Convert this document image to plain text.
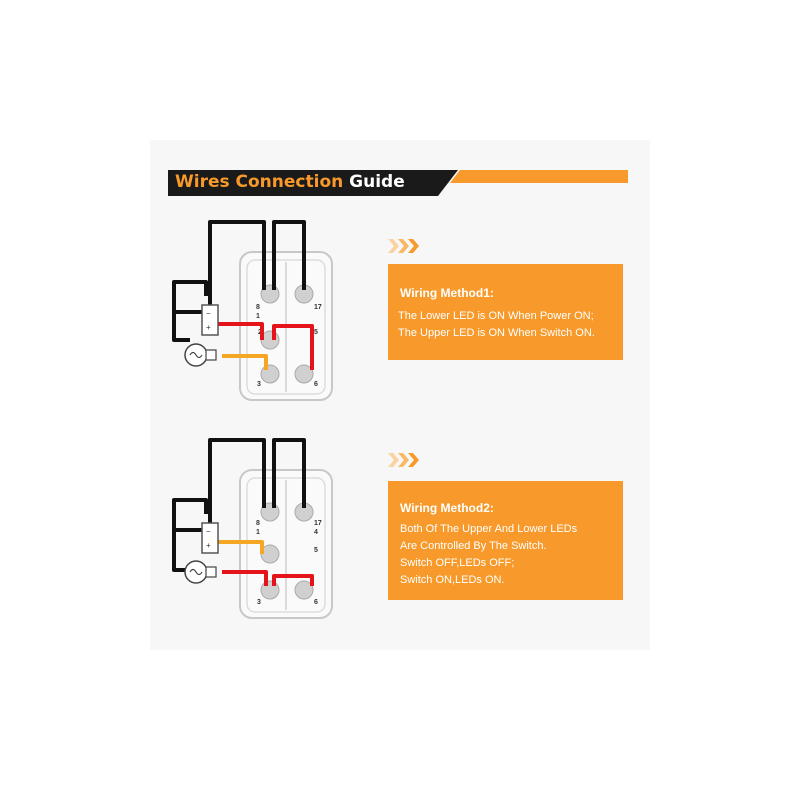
Wires Connection Guide
Wiring Method1:

The Lower LED is ON When Power ON;

The Upper LED is ON When Switch ON.

Wiring Method2:

Both Of The Upper And Lower LEDs

Are Controlled By The Switch.

Switch OFF,LEDs OFF;

Switch ON,LEDs ON.

8
1
17
2	5
3	6
−
+
8
1
17
4
5
3	6
−
+
